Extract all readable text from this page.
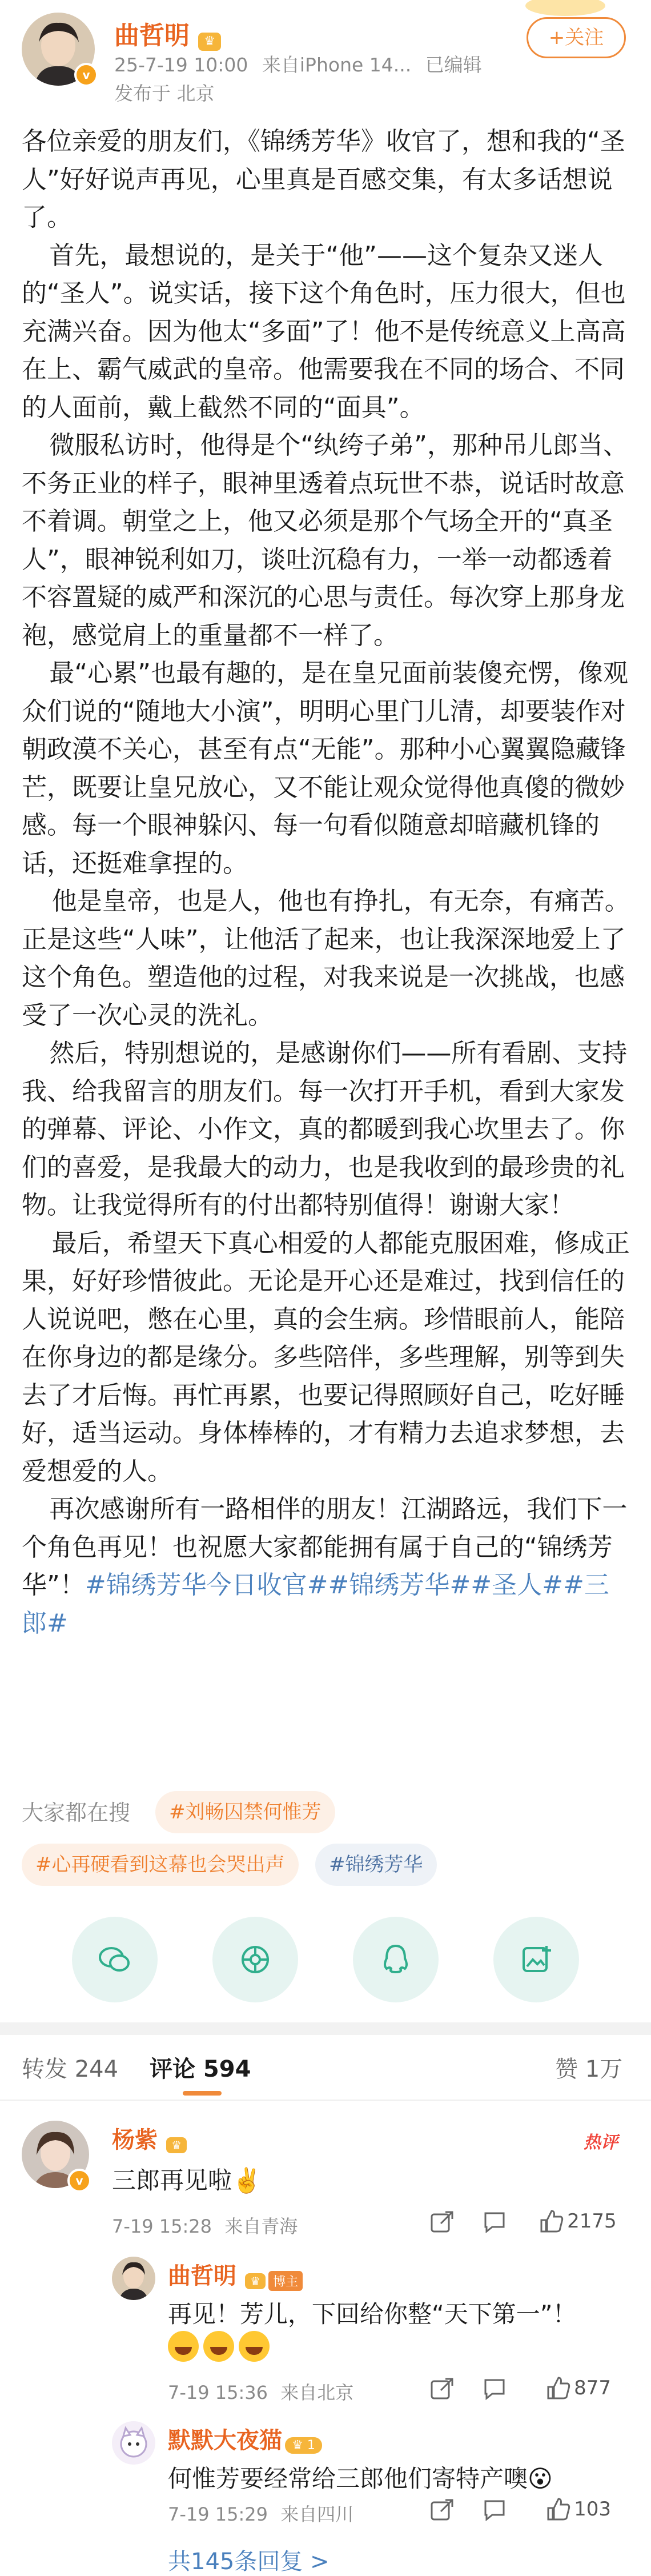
v
曲哲明 ♛
25-7-19 10:00 来自iPhone 14... 已编辑
发布于 北京
+关注

各位亲爱的朋友们，《锦绣芳华》收官了，想和我的“圣人”好好说声再见，心里真是百感交集，有太多话想说了。

首先，最想说的，是关于“他”——这个复杂又迷人的“圣人”。说实话，接下这个角色时，压力很大，但也充满兴奋。因为他太“多面”了！他不是传统意义上高高在上、霸气威武的皇帝。他需要我在不同的场合、不同的人面前，戴上截然不同的“面具”。

微服私访时，他得是个“纨绔子弟”，那种吊儿郎当、不务正业的样子，眼神里透着点玩世不恭，说话时故意不着调。朝堂之上，他又必须是那个气场全开的“真圣人”，眼神锐利如刀，谈吐沉稳有力，一举一动都透着不容置疑的威严和深沉的心思与责任。每次穿上那身龙袍，感觉肩上的重量都不一样了。

最“心累”也最有趣的，是在皇兄面前装傻充愣，像观众们说的“随地大小演”，明明心里门儿清，却要装作对朝政漠不关心，甚至有点“无能”。那种小心翼翼隐藏锋芒，既要让皇兄放心，又不能让观众觉得他真傻的微妙感。每一个眼神躲闪、每一句看似随意却暗藏机锋的话，还挺难拿捏的。

他是皇帝，也是人，他也有挣扎，有无奈，有痛苦。正是这些“人味”，让他活了起来，也让我深深地爱上了这个角色。塑造他的过程，对我来说是一次挑战，也感受了一次心灵的洗礼。

然后，特别想说的，是感谢你们——所有看剧、支持我、给我留言的朋友们。每一次打开手机，看到大家发的弹幕、评论、小作文，真的都暖到我心坎里去了。你们的喜爱，是我最大的动力，也是我收到的最珍贵的礼物。让我觉得所有的付出都特别值得！谢谢大家！

最后，希望天下真心相爱的人都能克服困难，修成正果，好好珍惜彼此。无论是开心还是难过，找到信任的人说说吧，憋在心里，真的会生病。珍惜眼前人，能陪在你身边的都是缘分。多些陪伴，多些理解，别等到失去了才后悔。再忙再累，也要记得照顾好自己，吃好睡好，适当运动。身体棒棒的，才有精力去追求梦想，去爱想爱的人。

再次感谢所有一路相伴的朋友！江湖路远，我们下一个角色再见！也祝愿大家都能拥有属于自己的“锦绣芳华”！#锦绣芳华今日收官##锦绣芳华##圣人##三郎#

大家都在搜	#刘畅囚禁何惟芳
#心再硬看到这幕也会哭出声	#锦绣芳华
转发 244 评论 594	赞 1万
v
杨紫 ♛	热评
三郎再见啦✌️
7-19 15:28 来自青海	2175
曲哲明 ♛ 博主
再见！芳儿，下回给你整“天下第一”！
7-19 15:36 来自北京	877
默默大夜猫 ♛ 1
何惟芳要经常给三郎他们寄特产噢😮
7-19 15:29 来自四川	103
共145条回复 >
